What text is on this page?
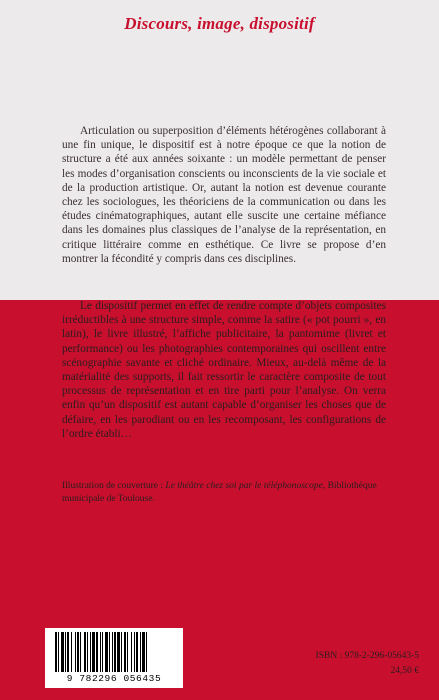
Discours, image, dispositif

Articulation ou superposition d’éléments hétérogènes collaborant à une fin unique, le dispositif est à notre époque ce que la notion de structure a été aux années soixante : un modèle permettant de penser les modes d’organisation conscients ou inconscients de la vie sociale et de la production artistique. Or, autant la notion est devenue courante chez les sociologues, les théoriciens de la communication ou dans les études cinématographiques, autant elle suscite une certaine méfiance dans les domaines plus classiques de l’analyse de la représentation, en critique littéraire comme en esthétique. Ce livre se propose d’en montrer la fécondité y compris dans ces disciplines.

Le dispositif permet en effet de rendre compte d’objets composites irréductibles à une structure simple, comme la satire (« pot pourri », en latin), le livre illustré, l’affiche publicitaire, la pantomime (livret et performance) ou les photographies contemporaines qui oscillent entre scénographie savante et cliché ordinaire. Mieux, au-delà même de la matérialité des supports, il fait ressortir le caractère composite de tout processus de représentation et en tire parti pour l’analyse. On verra enfin qu’un dispositif est autant capable d’organiser les choses que de défaire, en les parodiant ou en les recomposant, les configurations de l’ordre établi…

Illustration de couverture : Le théâtre chez soi par le téléphonoscope, Bibliothèque municipale de Toulouse.

9 782296 056435
ISBN : 978-2-296-05643-5
24,50 €
